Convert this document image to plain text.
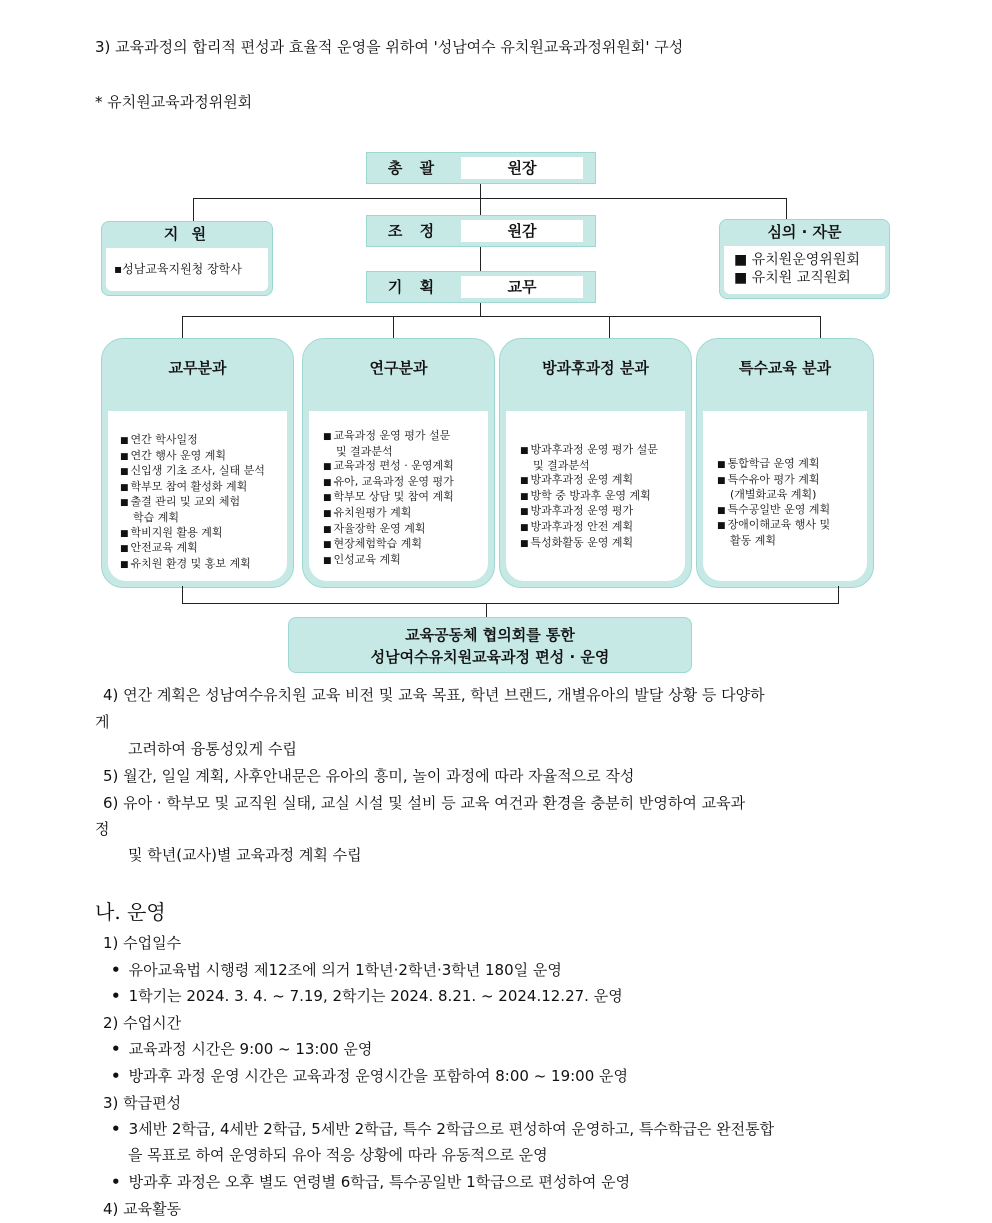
3) 교육과정의 합리적 편성과 효율적 운영을 위하여 '성남여수 유치원교육과정위원회' 구성
* 유치원교육과정위원회
총 괄	원장
조 정	원감
기 획	교무
지 원
▪성남교육지원청 장학사
심의 · 자문
■ 유치원운영위원회
■ 유치원 교직원회
교무분과
■ 연간 학사일정
■ 연간 행사 운영 계획
■ 신입생 기초 조사, 실태 분석
■ 학부모 참여 활성화 계획
■ 출결 관리 및 교외 체험
학습 계획
■ 학비지원 활용 계획
■ 안전교육 계획
■ 유치원 환경 및 홍보 계획
연구분과
■ 교육과정 운영 평가 설문
및 결과분석
■ 교육과정 편성 · 운영계획
■ 유아, 교육과정 운영 평가
■ 학부모 상담 및 참여 계획
■ 유치원평가 계획
■ 자율장학 운영 계획
■ 현장체험학습 계획
■ 인성교육 계획
방과후과정 분과
■ 방과후과정 운영 평가 설문
및 결과분석
■ 방과후과정 운영 계획
■ 방학 중 방과후 운영 계획
■ 방과후과정 운영 평가
■ 방과후과정 안전 계획
■ 특성화활동 운영 계획
특수교육 분과
■ 통합학급 운영 계획
■ 특수유아 평가 계획
(개별화교육 계획)
■ 특수공일반 운영 계획
■ 장애이해교육 행사 및
활동 계획
교육공동체 협의회를 통한
성남여수유치원교육과정 편성 · 운영
4) 연간 계획은 성남여수유치원 교육 비전 및 교육 목표, 학년 브랜드, 개별유아의 발달 상황 등 다양하
게
고려하여 융통성있게 수립
5) 월간, 일일 계획, 사후안내문은 유아의 흥미, 놀이 과정에 따라 자율적으로 작성
6) 유아 · 학부모 및 교직원 실태, 교실 시설 및 설비 등 교육 여건과 환경을 충분히 반영하여 교육과
정
및 학년(교사)별 교육과정 계획 수립
나. 운영
1) 수업일수
• 유아교육법 시행령 제12조에 의거 1학년·2학년·3학년 180일 운영
• 1학기는 2024. 3. 4. ~ 7.19, 2학기는 2024. 8.21. ~ 2024.12.27. 운영
2) 수업시간
• 교육과정 시간은 9:00 ~ 13:00 운영
• 방과후 과정 운영 시간은 교육과정 운영시간을 포함하여 8:00 ~ 19:00 운영
3) 학급편성
• 3세반 2학급, 4세반 2학급, 5세반 2학급, 특수 2학급으로 편성하여 운영하고, 특수학급은 완전통합
을 목표로 하여 운영하되 유아 적응 상황에 따라 유동적으로 운영
• 방과후 과정은 오후 별도 연령별 6학급, 특수공일반 1학급으로 편성하여 운영
4) 교육활동
